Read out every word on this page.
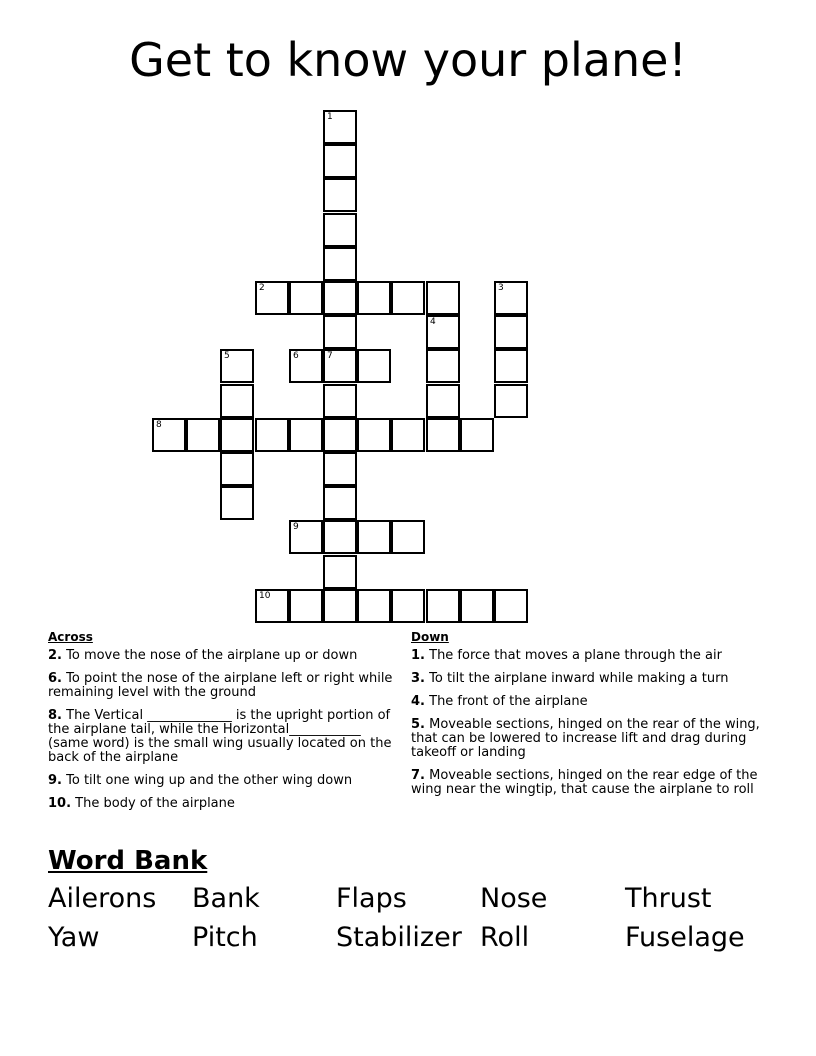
Get to know your plane!
1
7
2	3
4
5	6
8
9
10
Across
2. To move the nose of the airplane up or down
6. To point the nose of the airplane left or right while remaining level with the ground
8. The Vertical _____________ is the upright portion of the airplane tail, while the Horizontal___________ (same word) is the small wing usually located on the back of the airplane
9. To tilt one wing up and the other wing down
10. The body of the airplane
Down
1. The force that moves a plane through the air
3. To tilt the airplane inward while making a turn
4. The front of the airplane
5. Moveable sections, hinged on the rear of the wing, that can be lowered to increase lift and drag during takeoff or landing
7. Moveable sections, hinged on the rear edge of the wing near the wingtip, that cause the airplane to roll
Word Bank
Ailerons Bank	Flaps	Nose	Thrust
Yaw	Pitch	Stabilizer Roll	Fuselage
